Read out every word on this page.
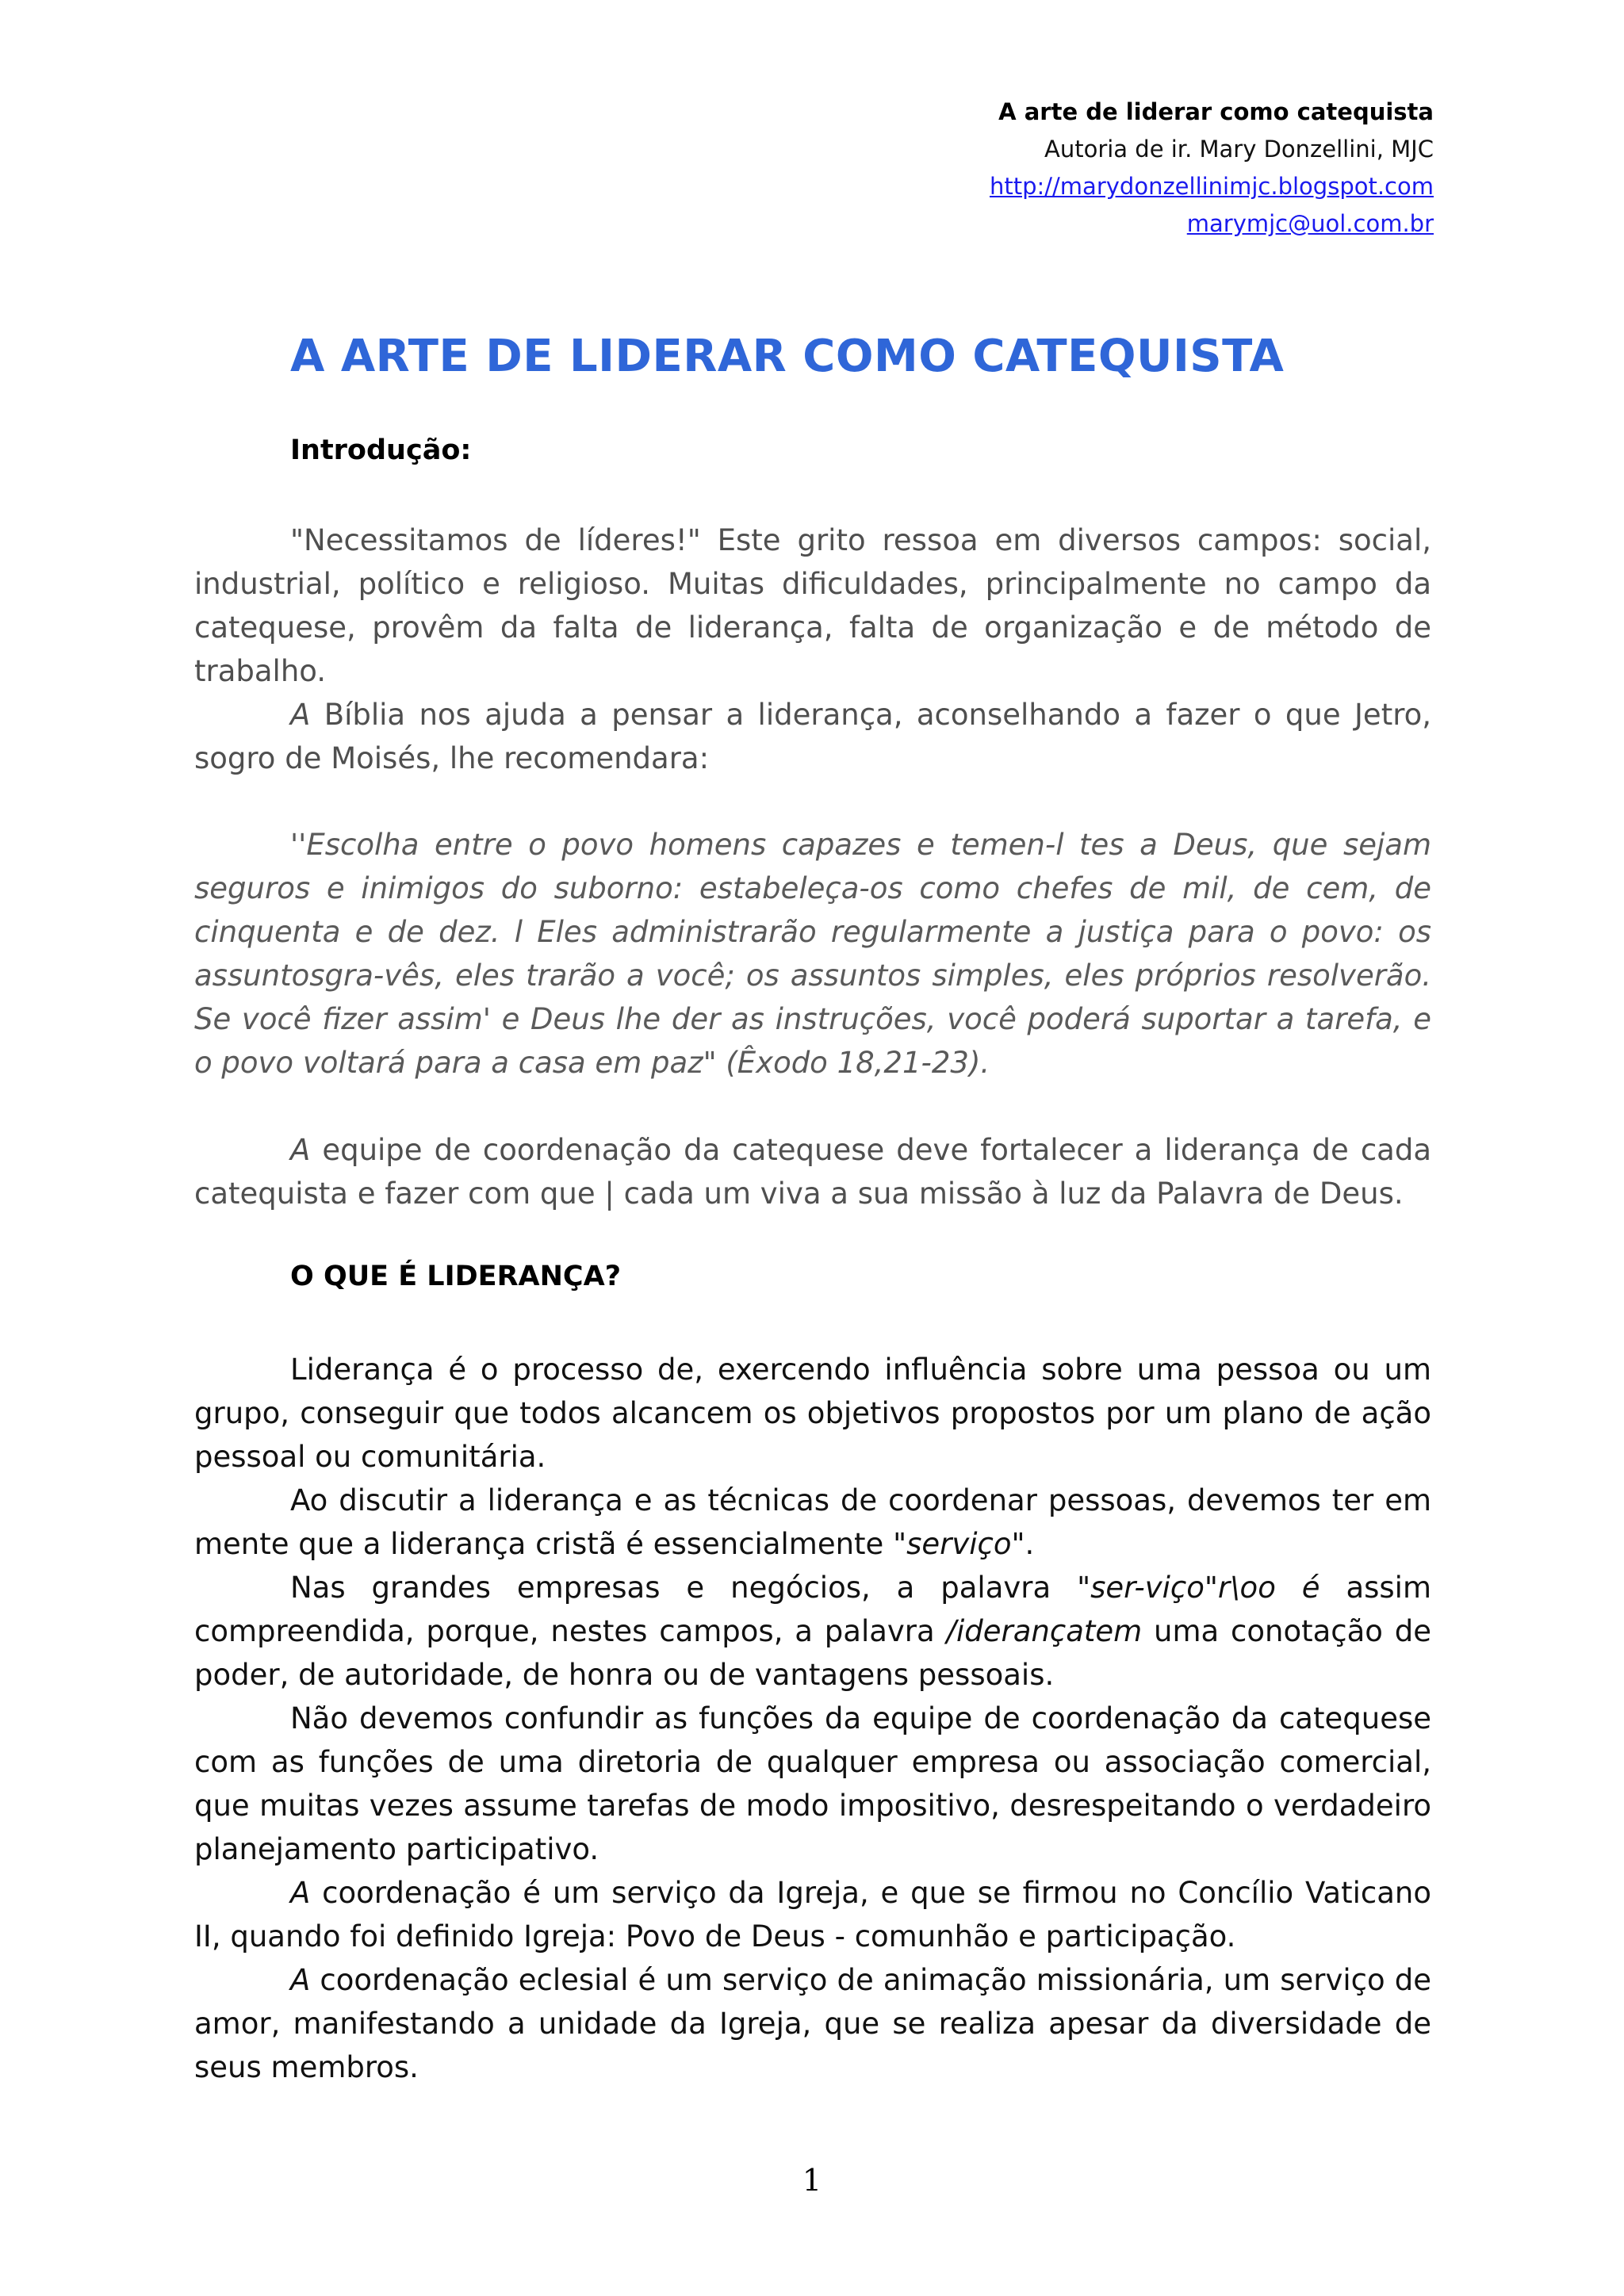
A arte de liderar como catequista
Autoria de ir. Mary Donzellini, MJC
http://marydonzellinimjc.blogspot.com
marymjc@uol.com.br
A ARTE DE LIDERAR COMO CATEQUISTA
Introdução:

"Necessitamos de líderes!" Este grito ressoa em diversos campos: social, industrial, político e religioso. Muitas dificuldades, principalmente no campo da catequese, provêm da falta de liderança, falta de organização e de método de trabalho.

A Bíblia nos ajuda a pensar a liderança, aconselhando a fazer o que Jetro, sogro de Moisés, lhe recomendara:

''Escolha entre o povo homens capazes e temen-l tes a Deus, que sejam seguros e inimigos do suborno: estabeleça-os como chefes de mil, de cem, de cinquenta e de dez. l Eles administrarão regularmente a justiça para o povo: os assuntosgra-vês, eles trarão a você; os assuntos simples, eles próprios resolverão. Se você fizer assim' e Deus lhe der as instruções, você poderá suportar a tarefa, e o povo voltará para a casa em paz" (Êxodo 18,21-23).

A equipe de coordenação da catequese deve fortalecer a liderança de cada catequista e fazer com que | cada um viva a sua missão à luz da Palavra de Deus.

O QUE É LIDERANÇA?

Liderança é o processo de, exercendo influência sobre uma pessoa ou um grupo, conseguir que todos alcancem os objetivos propostos por um plano de ação pessoal ou comunitária.

Ao discutir a liderança e as técnicas de coordenar pessoas, devemos ter em mente que a liderança cristã é essencialmente "serviço".

Nas grandes empresas e negócios, a palavra "ser-viço"r\oo é assim compreendida, porque, nestes campos, a palavra /iderançatem uma conotação de poder, de autoridade, de honra ou de vantagens pessoais.

Não devemos confundir as funções da equipe de coordenação da catequese com as funções de uma diretoria de qualquer empresa ou associação comercial, que muitas vezes assume tarefas de modo impositivo, desrespeitando o verdadeiro planejamento participativo.

A coordenação é um serviço da Igreja, e que se firmou no Concílio Vaticano II, quando foi definido Igreja: Povo de Deus - comunhão e participação.

A coordenação eclesial é um serviço de animação missionária, um serviço de amor, manifestando a unidade da Igreja, que se realiza apesar da diversidade de seus membros.

1
